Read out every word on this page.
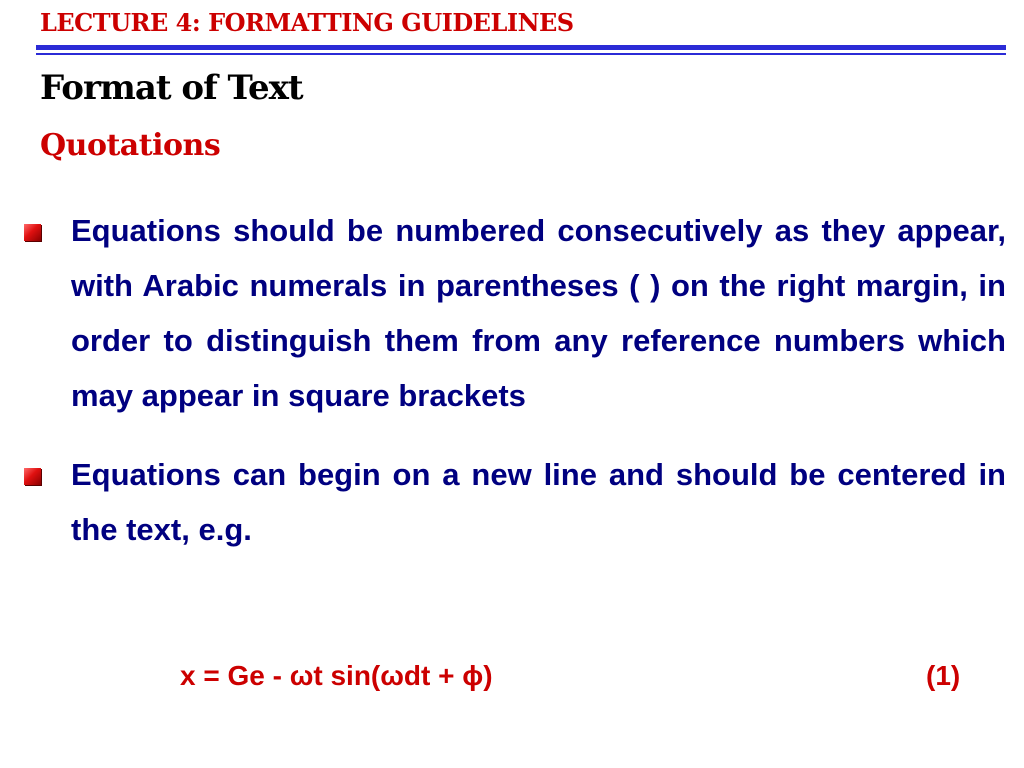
LECTURE 4: FORMATTING GUIDELINES
Format of Text
Quotations

Equations should be numbered consecutively as they appear, with Arabic numerals in parentheses ( ) on the right margin, in order to distinguish them from any reference numbers which may appear in square brackets

Equations can begin on a new line and should be centered in the text, e.g.

x = Ge - ωt sin(ωdt + ϕ)	(1)
